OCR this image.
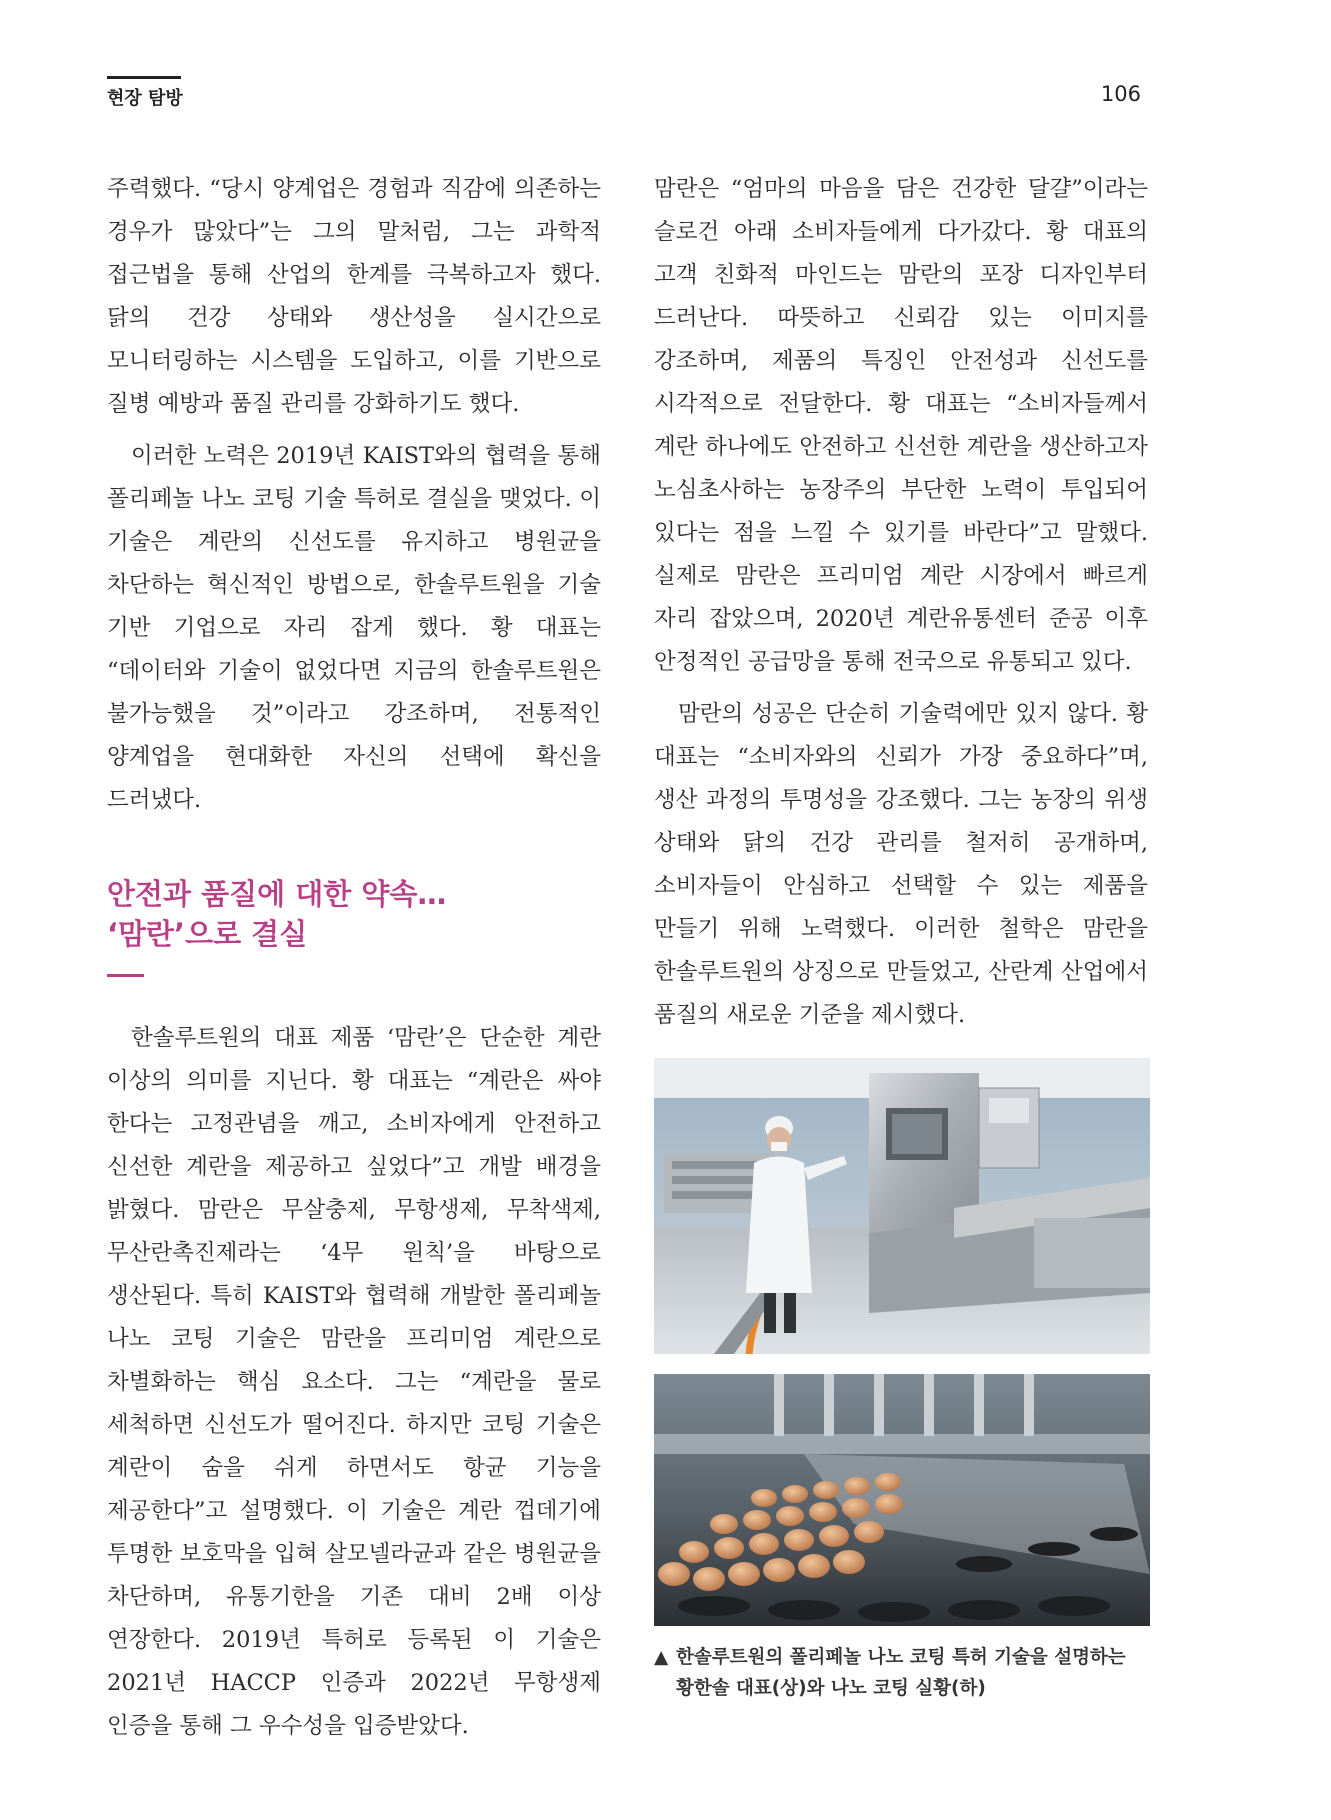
현장 탐방	106

주력했다. “당시 양계업은 경험과 직감에 의존하는 경우가 많았다”는 그의 말처럼, 그는 과학적 접근법을 통해 산업의 한계를 극복하고자 했다. 닭의 건강 상태와 생산성을 실시간으로 모니터링하는 시스템을 도입하고, 이를 기반으로 질병 예방과 품질 관리를 강화하기도 했다.

이러한 노력은 2019년 KAIST와의 협력을 통해 폴리페놀 나노 코팅 기술 특허로 결실을 맺었다. 이 기술은 계란의 신선도를 유지하고 병원균을 차단하는 혁신적인 방법으로, 한솔루트원을 기술 기반 기업으로 자리 잡게 했다. 황 대표는 “데이터와 기술이 없었다면 지금의 한솔루트원은 불가능했을 것”이라고 강조하며, 전통적인 양계업을 현대화한 자신의 선택에 확신을 드러냈다.

안전과 품질에 대한 약속…

‘맘란’으로 결실

한솔루트원의 대표 제품 ‘맘란’은 단순한 계란 이상의 의미를 지닌다. 황 대표는 “계란은 싸야 한다는 고정관념을 깨고, 소비자에게 안전하고 신선한 계란을 제공하고 싶었다”고 개발 배경을 밝혔다. 맘란은 무살충제, 무항생제, 무착색제, 무산란촉진제라는 ‘4무 원칙’을 바탕으로 생산된다. 특히 KAIST와 협력해 개발한 폴리페놀 나노 코팅 기술은 맘란을 프리미엄 계란으로 차별화하는 핵심 요소다. 그는 “계란을 물로 세척하면 신선도가 떨어진다. 하지만 코팅 기술은 계란이 숨을 쉬게 하면서도 항균 기능을 제공한다”고 설명했다. 이 기술은 계란 껍데기에 투명한 보호막을 입혀 살모넬라균과 같은 병원균을 차단하며, 유통기한을 기존 대비 2배 이상 연장한다. 2019년 특허로 등록된 이 기술은 2021년 HACCP 인증과 2022년 무항생제 인증을 통해 그 우수성을 입증받았다.

맘란은 “엄마의 마음을 담은 건강한 달걀”이라는 슬로건 아래 소비자들에게 다가갔다. 황 대표의 고객 친화적 마인드는 맘란의 포장 디자인부터 드러난다. 따뜻하고 신뢰감 있는 이미지를 강조하며, 제품의 특징인 안전성과 신선도를 시각적으로 전달한다. 황 대표는 “소비자들께서 계란 하나에도 안전하고 신선한 계란을 생산하고자 노심초사하는 농장주의 부단한 노력이 투입되어 있다는 점을 느낄 수 있기를 바란다”고 말했다. 실제로 맘란은 프리미엄 계란 시장에서 빠르게 자리 잡았으며, 2020년 계란유통센터 준공 이후 안정적인 공급망을 통해 전국으로 유통되고 있다.

맘란의 성공은 단순히 기술력에만 있지 않다. 황 대표는 “소비자와의 신뢰가 가장 중요하다”며, 생산 과정의 투명성을 강조했다. 그는 농장의 위생 상태와 닭의 건강 관리를 철저히 공개하며, 소비자들이 안심하고 선택할 수 있는 제품을 만들기 위해 노력했다. 이러한 철학은 맘란을 한솔루트원의 상징으로 만들었고, 산란계 산업에서 품질의 새로운 기준을 제시했다.

▲ 한솔루트원의 폴리페놀 나노 코팅 특허 기술을 설명하는
황한솔 대표(상)와 나노 코팅 실황(하)
